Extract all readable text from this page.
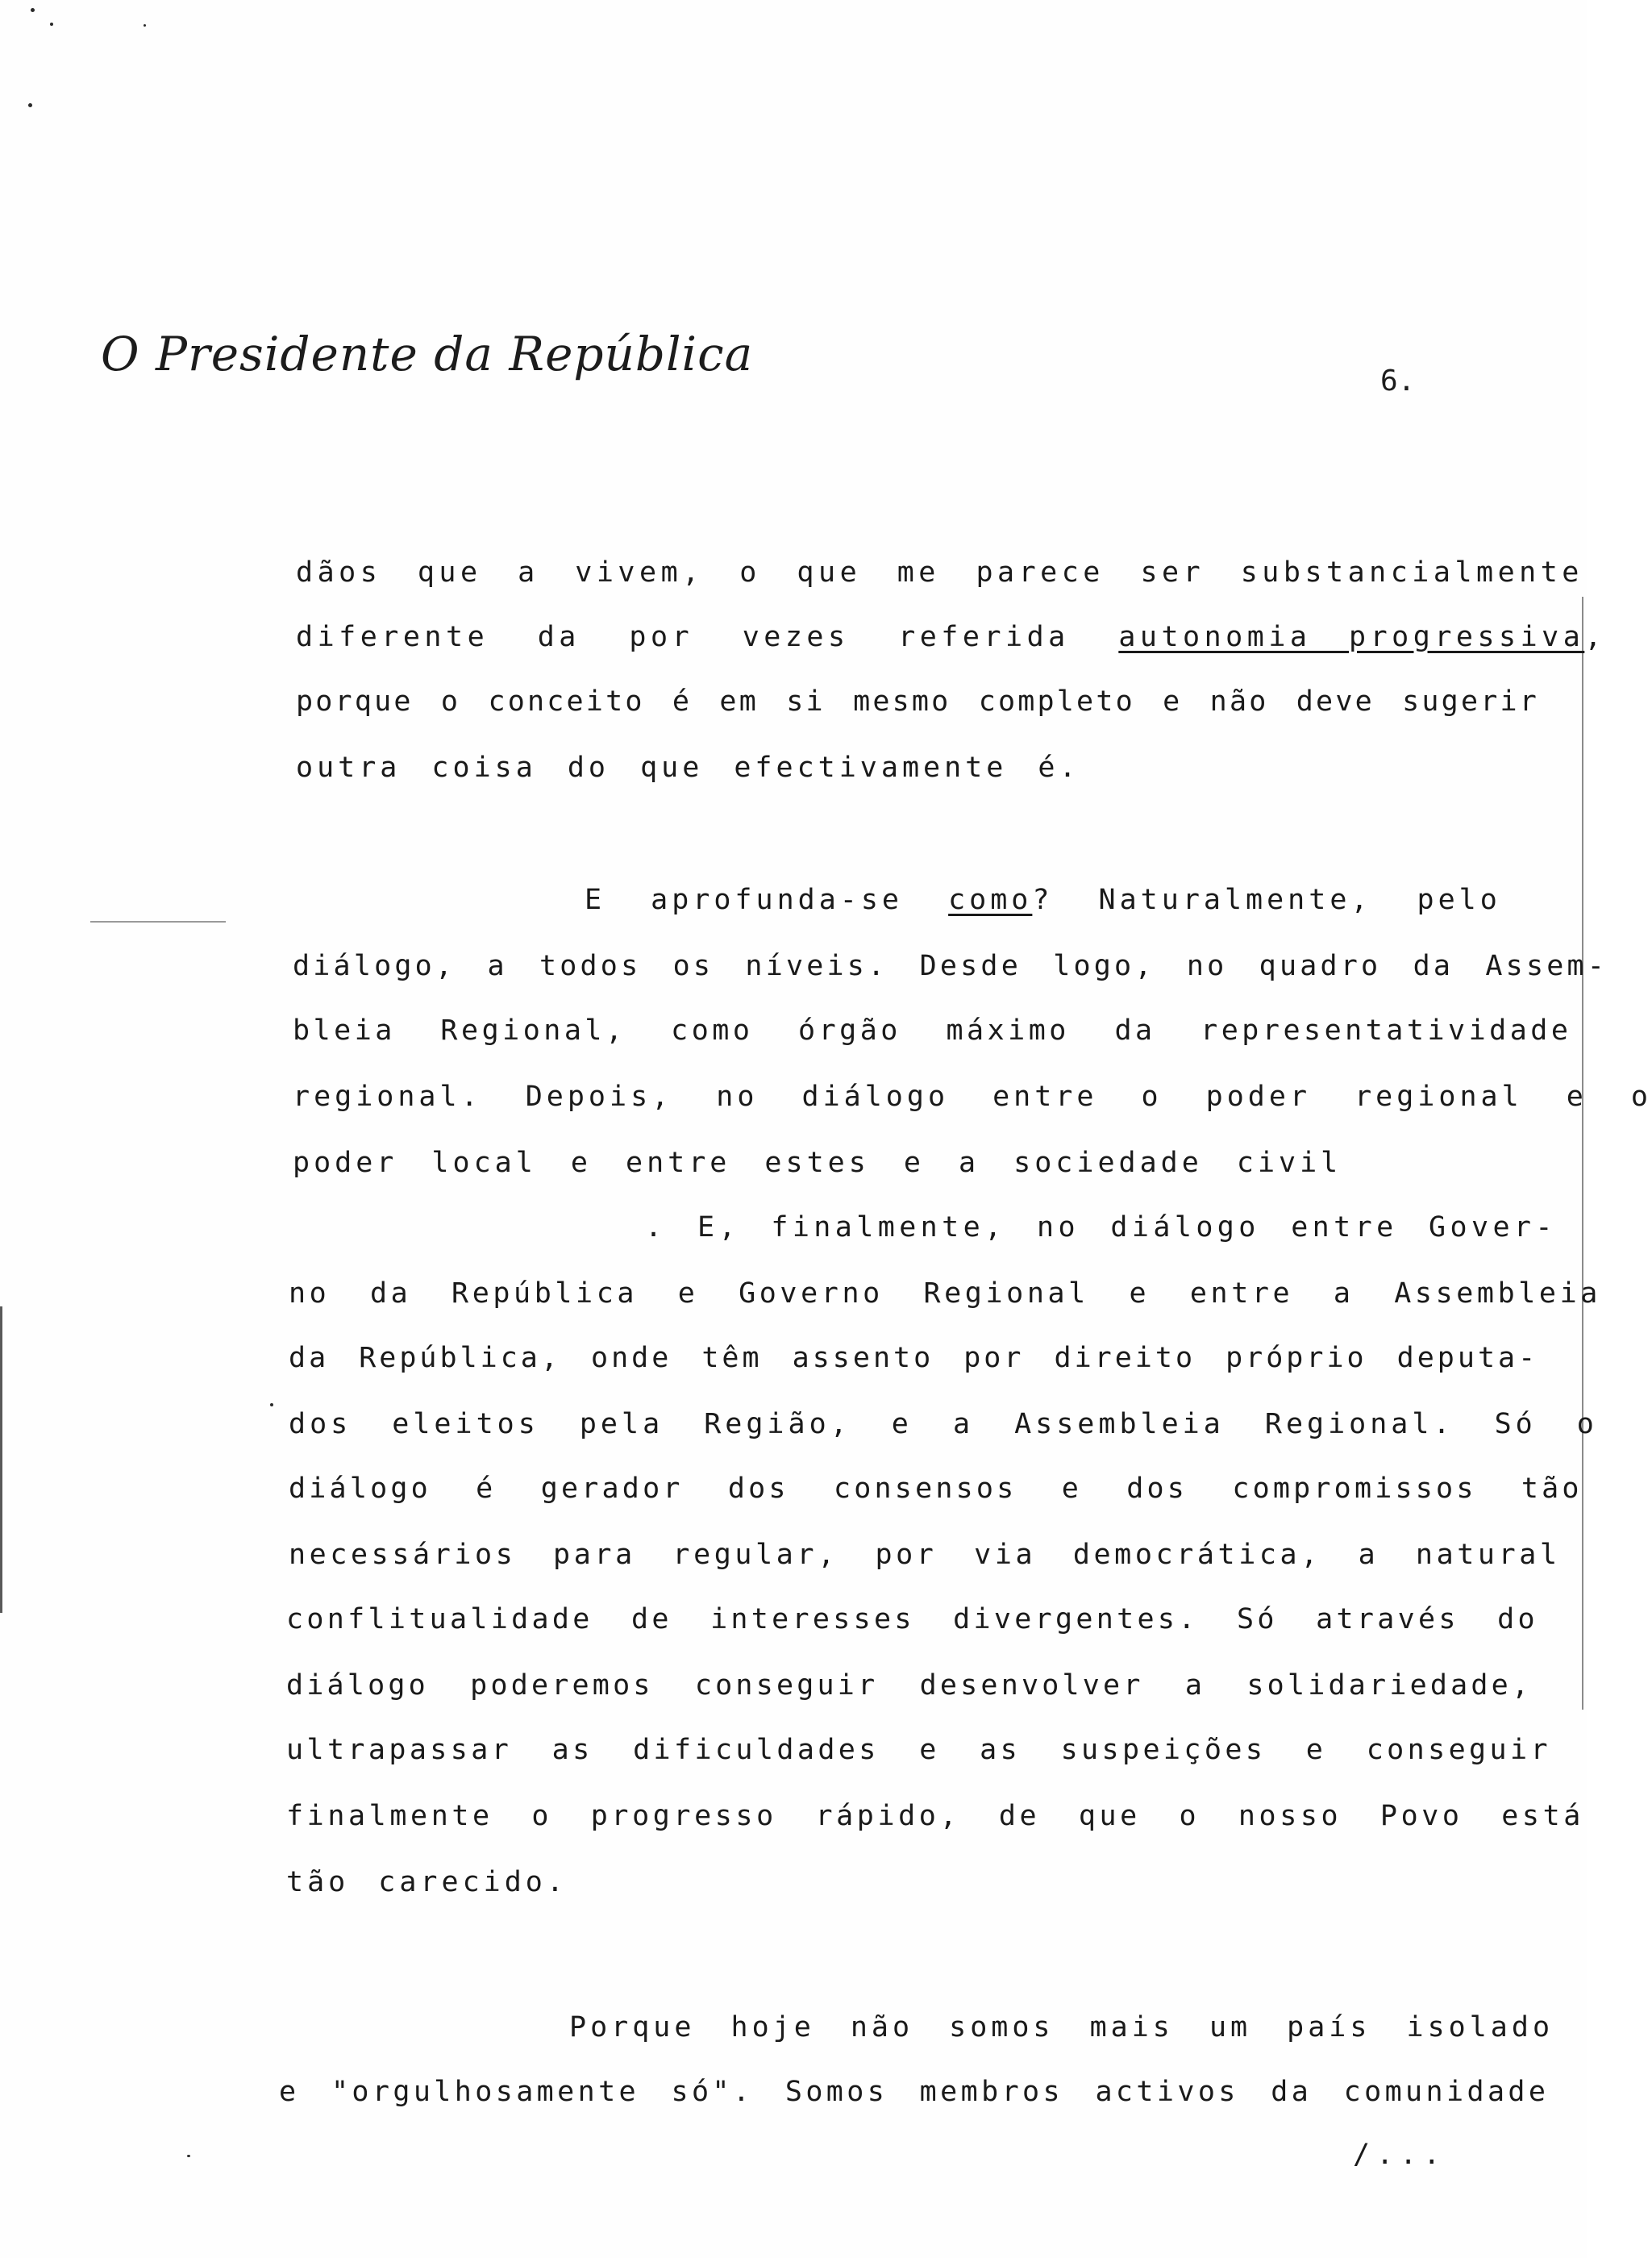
O Presidente da República	6.
dãos que a vivem, o que me parece ser substancialmente
diferente da por vezes referida autonomia progressiva,
porque o conceito é em si mesmo completo e não deve sugerir
outra coisa do que efectivamente é.
E aprofunda-se como? Naturalmente, pelo
diálogo, a todos os níveis. Desde logo, no quadro da Assem-
bleia Regional, como órgão máximo da representatividade
regional. Depois, no diálogo entre o poder regional e o
poder local e entre estes e a sociedade civil
. E, finalmente, no diálogo entre Gover-
no da República e Governo Regional e entre a Assembleia
da República, onde têm assento por direito próprio deputa-
dos eleitos pela Região, e a Assembleia Regional. Só o
diálogo é gerador dos consensos e dos compromissos tão
necessários para regular, por via democrática, a natural
conflitualidade de interesses divergentes. Só através do
diálogo poderemos conseguir desenvolver a solidariedade,
ultrapassar as dificuldades e as suspeições e conseguir
finalmente o progresso rápido, de que o nosso Povo está
tão carecido.
Porque hoje não somos mais um país isolado
e "orgulhosamente só". Somos membros activos da comunidade
/...
